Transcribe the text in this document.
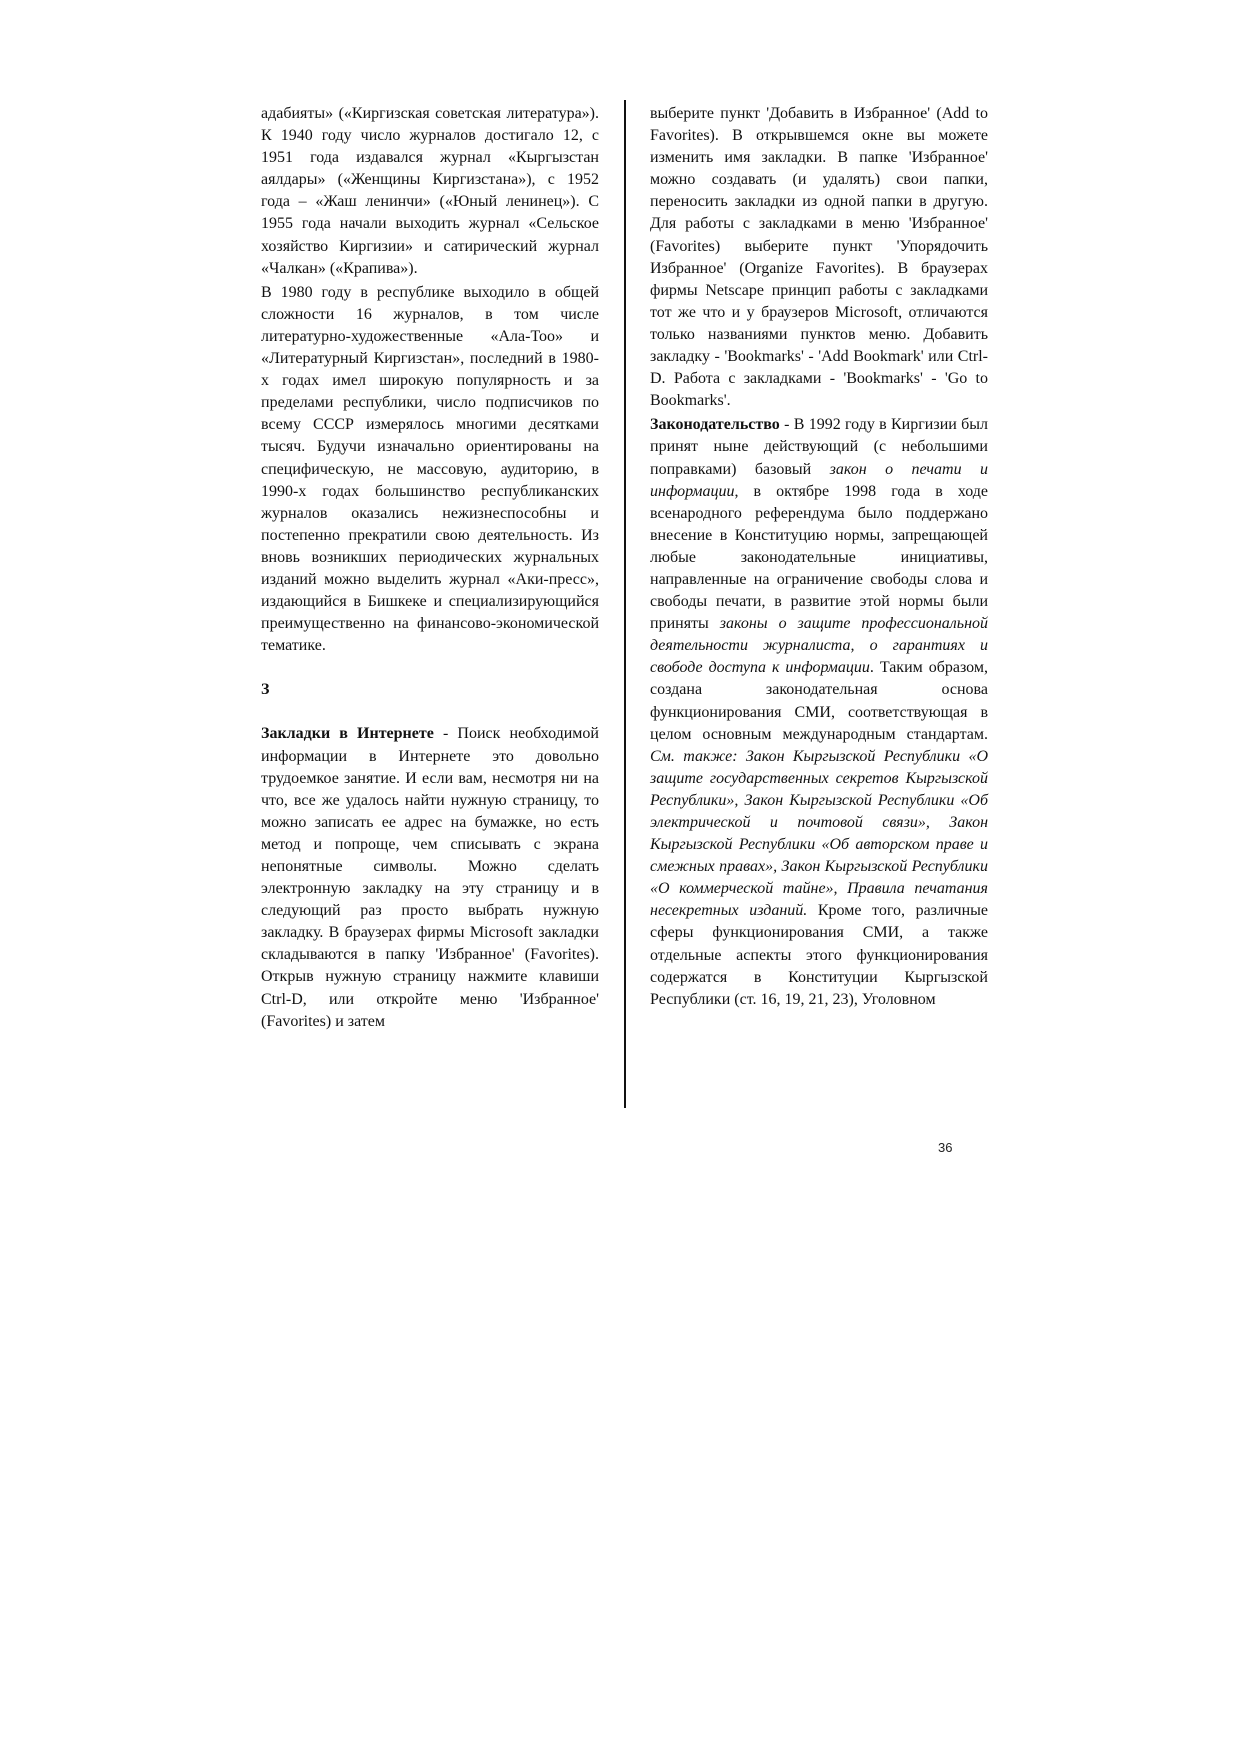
адабияты» («Киргизская советская литература»). К 1940 году число журналов достигало 12, с 1951 года издавался журнал «Кыргызстан аялдары» («Женщины Киргизстана»), с 1952 года – «Жаш ленинчи» («Юный ленинец»). С 1955 года начали выходить журнал «Сельское хозяйство Киргизии» и сатирический журнал «Чалкан» («Крапива»).

В 1980 году в республике выходило в общей сложности 16 журналов, в том числе литературно-художественные «Ала-Тоо» и «Литературный Киргизстан», последний в 1980-х годах имел широкую популярность и за пределами республики, число подписчиков по всему СССР измерялось многими десятками тысяч. Будучи изначально ориентированы на специфическую, не массовую, аудиторию, в 1990-х годах большинство республиканских журналов оказались нежизнеспособны и постепенно прекратили свою деятельность. Из вновь возникших периодических журнальных изданий можно выделить журнал «Аки-пресс», издающийся в Бишкеке и специализирующийся преимущественно на финансово-экономической тематике.

З

Закладки в Интернете - Поиск необходимой информации в Интернете это довольно трудоемкое занятие. И если вам, несмотря ни на что, все же удалось найти нужную страницу, то можно записать ее адрес на бумажке, но есть метод и попроще, чем списывать с экрана непонятные символы. Можно сделать электронную закладку на эту страницу и в следующий раз просто выбрать нужную закладку. В браузерах фирмы Microsoft закладки складываются в папку 'Избранное' (Favorites). Открыв нужную страницу нажмите клавиши Ctrl-D, или откройте меню 'Избранное' (Favorites) и затем

выберите пункт 'Добавить в Избранное' (Add to Favorites). В открывшемся окне вы можете изменить имя закладки. В папке 'Избранное' можно создавать (и удалять) свои папки, переносить закладки из одной папки в другую. Для работы с закладками в меню 'Избранное' (Favorites) выберите пункт 'Упорядочить Избранное' (Organize Favorites). В браузерах фирмы Netscape принцип работы с закладками тот же что и у браузеров Microsoft, отличаются только названиями пунктов меню. Добавить закладку - 'Bookmarks' - 'Add Bookmark' или Ctrl-D. Работа с закладками - 'Bookmarks' - 'Go to Bookmarks'.

Законодательство - В 1992 году в Киргизии был принят ныне действующий (с небольшими поправками) базовый закон о печати и информации, в октябре 1998 года в ходе всенародного референдума было поддержано внесение в Конституцию нормы, запрещающей любые законодательные инициативы, направленные на ограничение свободы слова и свободы печати, в развитие этой нормы были приняты законы о защите профессиональной деятельности журналиста, о гарантиях и свободе доступа к информации. Таким образом, создана законодательная основа функционирования СМИ, соответствующая в целом основным международным стандартам. См. также: Закон Кыргызской Республики «О защите государственных секретов Кыргызской Республики», Закон Кыргызской Республики «Об электрической и почтовой связи», Закон Кыргызской Республики «Об авторском праве и смежных правах», Закон Кыргызской Республики «О коммерческой тайне», Правила печатания несекретных изданий. Кроме того, различные сферы функционирования СМИ, а также отдельные аспекты этого функционирования содержатся в Конституции Кыргызской Республики (ст. 16, 19, 21, 23), Уголовном

36
